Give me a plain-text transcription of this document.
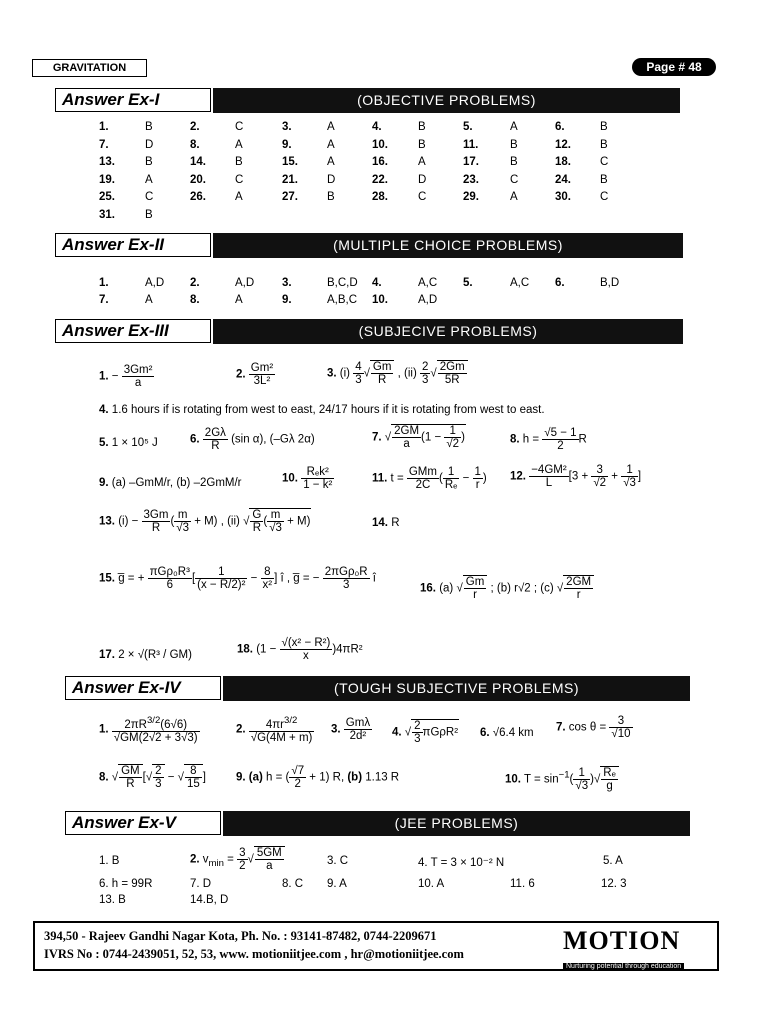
GRAVITATION	Page # 48
Answer Ex-I	(OBJECTIVE PROBLEMS)
1.	B	2.	C	3.	A	4.	B	5.	A	6.	B
7.	D	8.	A	9.	A	10.	B	11.	B	12.	B
13.	B	14.	B	15.	A	16.	A	17.	B	18.	C
19.	A	20.	C	21.	D	22.	D	23.	C	24.	B
25.	C	26.	A	27.	B	28.	C	29.	A	30.	C
31.	B
Answer Ex-II	(MULTIPLE CHOICE PROBLEMS)
1.	A,D 2.	A,D 3.	B,C,D 4.	A,C 5.	A,C 6.	B,D
7.	A	8.	A	9.	A,B,C 10.	A,D
Answer Ex-III	(SUBJECIVE PROBLEMS)
1. − $\frac{\text{3Gm²}}{a}$	2. $\frac{\text{Gm²}}{\text{3L²}}$	3. $(i) \frac{4}{3}$ √ $\frac{Gm}{R}$ , $(ii) \frac{2}{3}$ √ $\frac{2Gm}{5R}$
4. 1.6 hours if is rotating from west to east, 24/17 hours if it is rotating from west to east.
5. 1 × 10⁵ J	6. $\frac{2G\lambda}{R} (\sin$ α), (–Gλ 2α)	7. √ $\frac{2GM}{a} (1 - \frac{1}{√2}$ )	8. $h = \frac{√5 - 1}{2}$ R
9. (a) –GmM/r, (b) –2GmM/r	10. $\frac{\text{Rₑk²}}{\text{1 − k²}}$	11. $t = \frac{\text{GMm}}{2C}$ ( $\frac{1}{\text{Rₑ}} - \frac{1}{r}$ ) 12. $\frac{\text{−4GM²}}{L} [3 + \frac{3}{√2} + \frac{1}{√3}$ ]
13. $(i) - \frac{3Gm}{R}$ ( $\frac{m}{√3} + M$) , (ii) √ $\frac{G}{R}$ ( $\frac{m}{√3} + M$)	14. R
15. g̅ = + $\frac{\text{πGρ₀R³}}{6}$ [ $\frac{1}{\text{(x − R/2)²}} - \frac{8}{\text{x²}}$ ] î , g̅ = − $\frac{\text{2πGρ₀R}}{3}$ î
16. (a) √ $\frac{Gm}{r}$ ; (b) r√2 ; (c) √ $\frac{2GM}{r}$
17. 2 × √(R³ / GM)	18. $(1 - \frac{\text{√(x² − R²)}}{x} )4\pi R^2$
Answer Ex-IV	(TOUGH SUBJECTIVE PROBLEMS)
1. $\frac{2\pi R^{3/2}(6√6)}{√GM(2√2 + 3√3)}$	2. $\frac{4\pi r^{3/2}}{√G(4M + m)} 3$. $\frac{\text{Gmλ}}{\text{2d²}} 4$. √ $\frac{2}{3} \pi G\rho R^2$ 6. √6.4 km 7. $\cos \theta = \frac{3}{√10}$
8. √ $\frac{GM}{R}$ [√ $\frac{2}{3}$ − √ $\frac{8}{15}$ ]	9. (a) h = ( $\frac{√7}{2} + 1$) R, (b) 1.13 R	10. $T = \sin^{-1}( \frac{1}{√3}$ )√ $\frac{\text{Rₑ}}{g}$
Answer Ex-V	(JEE PROBLEMS)
1. B	2. $v_{min} = \frac{3}{2}$ √ $\frac{5GM}{a}$	3. C	4. T = 3 × 10⁻² N	5. A
6. h = 99R	7. D	8. C 9. A	10. A	11. 6	12. 3
13. B	14.B, D
394,50 - Rajeev Gandhi Nagar Kota, Ph. No. : 93141-87482, 0744-2209671
IVRS No : 0744-2439051, 52, 53, www. motioniitjee.com , hr@motioniitjee.com	MOTION
Nurturing potential through education
